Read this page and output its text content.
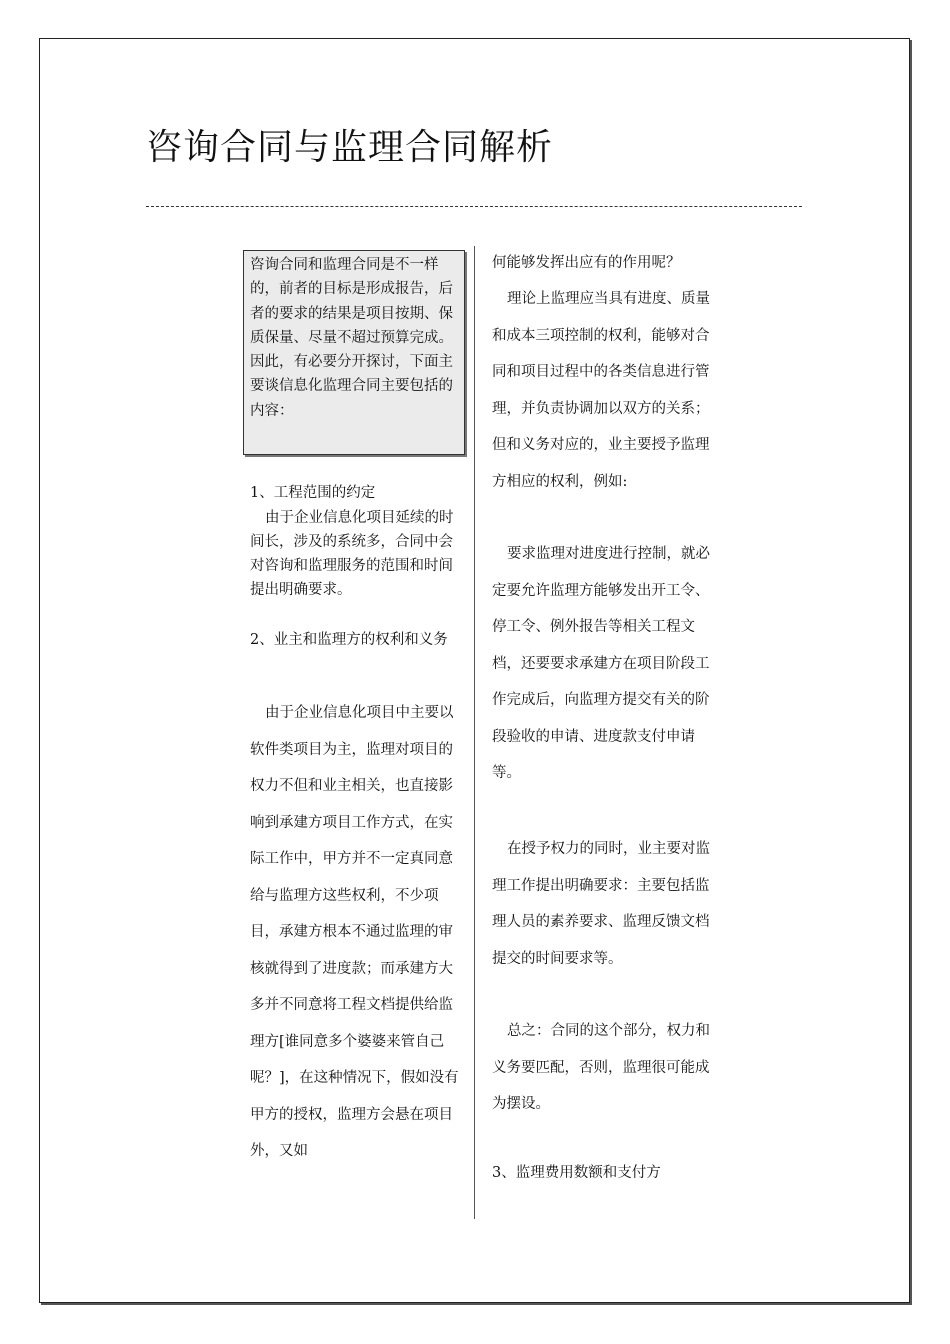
咨询合同与监理合同解析
咨询合同和监理合同是不一样的，前者的目标是形成报告，后者的要求的结果是项目按期、保质保量、尽量不超过预算完成。因此，有必要分开探讨，下面主要谈信息化监理合同主要包括的内容：

1、工程范围的约定

由于企业信息化项目延续的时间长，涉及的系统多，合同中会对咨询和监理服务的范围和时间提出明确要求。

2、业主和监理方的权利和义务

由于企业信息化项目中主要以软件类项目为主，监理对项目的权力不但和业主相关，也直接影响到承建方项目工作方式，在实际工作中，甲方并不一定真同意给与监理方这些权利，不少项目，承建方根本不通过监理的审核就得到了进度款；而承建方大多并不同意将工程文档提供给监理方[谁同意多个婆婆来管自己呢？]，在这种情况下，假如没有甲方的授权，监理方会悬在项目外，又如

何能够发挥出应有的作用呢？

理论上监理应当具有进度、质量和成本三项控制的权利，能够对合同和项目过程中的各类信息进行管理，并负责协调加以双方的关系；但和义务对应的，业主要授予监理方相应的权利，例如:

要求监理对进度进行控制，就必定要允许监理方能够发出开工令、停工令、例外报告等相关工程文档，还要要求承建方在项目阶段工作完成后，向监理方提交有关的阶段验收的申请、进度款支付申请等。

在授予权力的同时，业主要对监理工作提出明确要求：主要包括监理人员的素养要求、监理反馈文档提交的时间要求等。

总之：合同的这个部分，权力和义务要匹配，否则，监理很可能成为摆设。

3、监理费用数额和支付方
